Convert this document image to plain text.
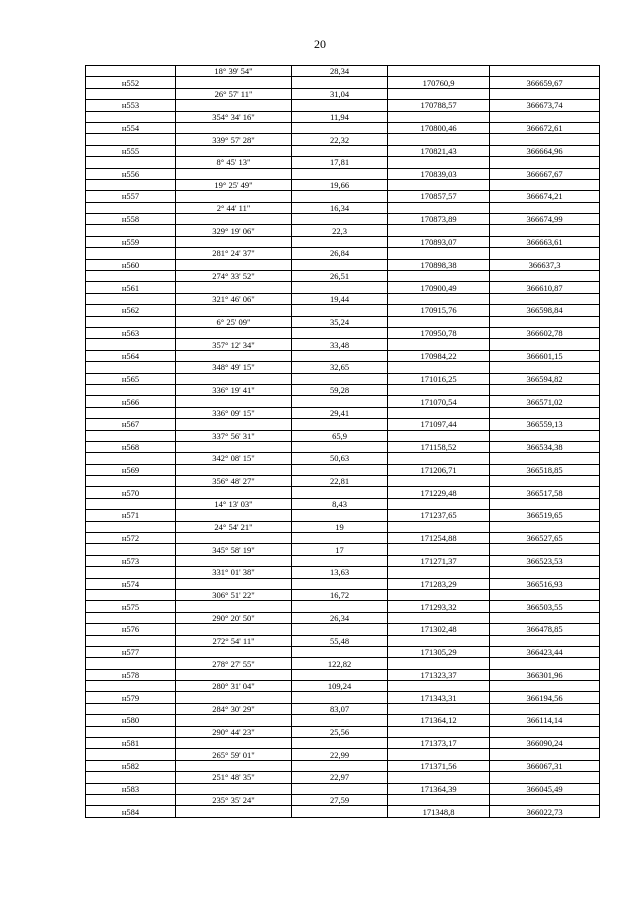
20
	18° 39' 54"	28,34		
н552			170760,9	366659,67
	26° 57' 11"	31,04		
н553			170788,57	366673,74
	354° 34' 16"	11,94		
н554			170800,46	366672,61
	339° 57' 28"	22,32		
н555			170821,43	366664,96
	8° 45' 13"	17,81		
н556			170839,03	366667,67
	19° 25' 49"	19,66		
н557			170857,57	366674,21
	2° 44' 11"	16,34		
н558			170873,89	366674,99
	329° 19' 06"	22,3		
н559			170893,07	366663,61
	281° 24' 37"	26,84		
н560			170898,38	366637,3
	274° 33' 52"	26,51		
н561			170900,49	366610,87
	321° 46' 06"	19,44		
н562			170915,76	366598,84
	6° 25' 09"	35,24		
н563			170950,78	366602,78
	357° 12' 34"	33,48		
н564			170984,22	366601,15
	348° 49' 15"	32,65		
н565			171016,25	366594,82
	336° 19' 41"	59,28		
н566			171070,54	366571,02
	336° 09' 15"	29,41		
н567			171097,44	366559,13
	337° 56' 31"	65,9		
н568			171158,52	366534,38
	342° 08' 15"	50,63		
н569			171206,71	366518,85
	356° 48' 27"	22,81		
н570			171229,48	366517,58
	14° 13' 03"	8,43		
н571			171237,65	366519,65
	24° 54' 21"	19		
н572			171254,88	366527,65
	345° 58' 19"	17		
н573			171271,37	366523,53
	331° 01' 38"	13,63		
н574			171283,29	366516,93
	306° 51' 22"	16,72		
н575			171293,32	366503,55
	290° 20' 50"	26,34		
н576			171302,48	366478,85
	272° 54' 11"	55,48		
н577			171305,29	366423,44
	278° 27' 55"	122,82		
н578			171323,37	366301,96
	280° 31' 04"	109,24		
н579			171343,31	366194,56
	284° 30' 29"	83,07		
н580			171364,12	366114,14
	290° 44' 23"	25,56		
н581			171373,17	366090,24
	265° 59' 01"	22,99		
н582			171371,56	366067,31
	251° 48' 35"	22,97		
н583			171364,39	366045,49
	235° 35' 24"	27,59		
н584			171348,8	366022,73
